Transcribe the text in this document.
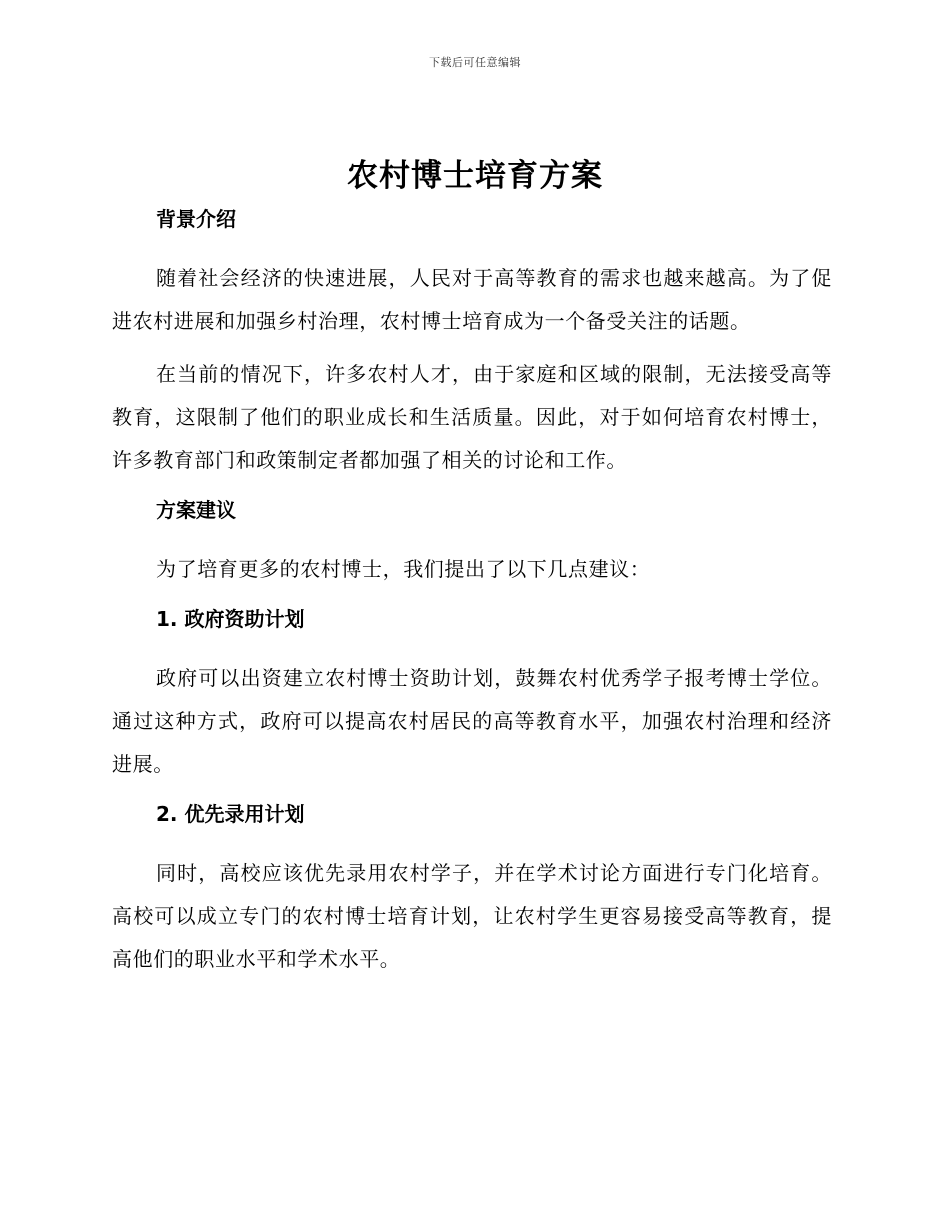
下载后可任意编辑
农村博士培育方案
背景介绍

随着社会经济的快速进展，人民对于高等教育的需求也越来越高。为了促进农村进展和加强乡村治理，农村博士培育成为一个备受关注的话题。

在当前的情况下，许多农村人才，由于家庭和区域的限制，无法接受高等教育，这限制了他们的职业成长和生活质量。因此，对于如何培育农村博士，许多教育部门和政策制定者都加强了相关的讨论和工作。

方案建议

为了培育更多的农村博士，我们提出了以下几点建议：

1. 政府资助计划

政府可以出资建立农村博士资助计划，鼓舞农村优秀学子报考博士学位。通过这种方式，政府可以提高农村居民的高等教育水平，加强农村治理和经济进展。

2. 优先录用计划

同时，高校应该优先录用农村学子，并在学术讨论方面进行专门化培育。高校可以成立专门的农村博士培育计划，让农村学生更容易接受高等教育，提高他们的职业水平和学术水平。
